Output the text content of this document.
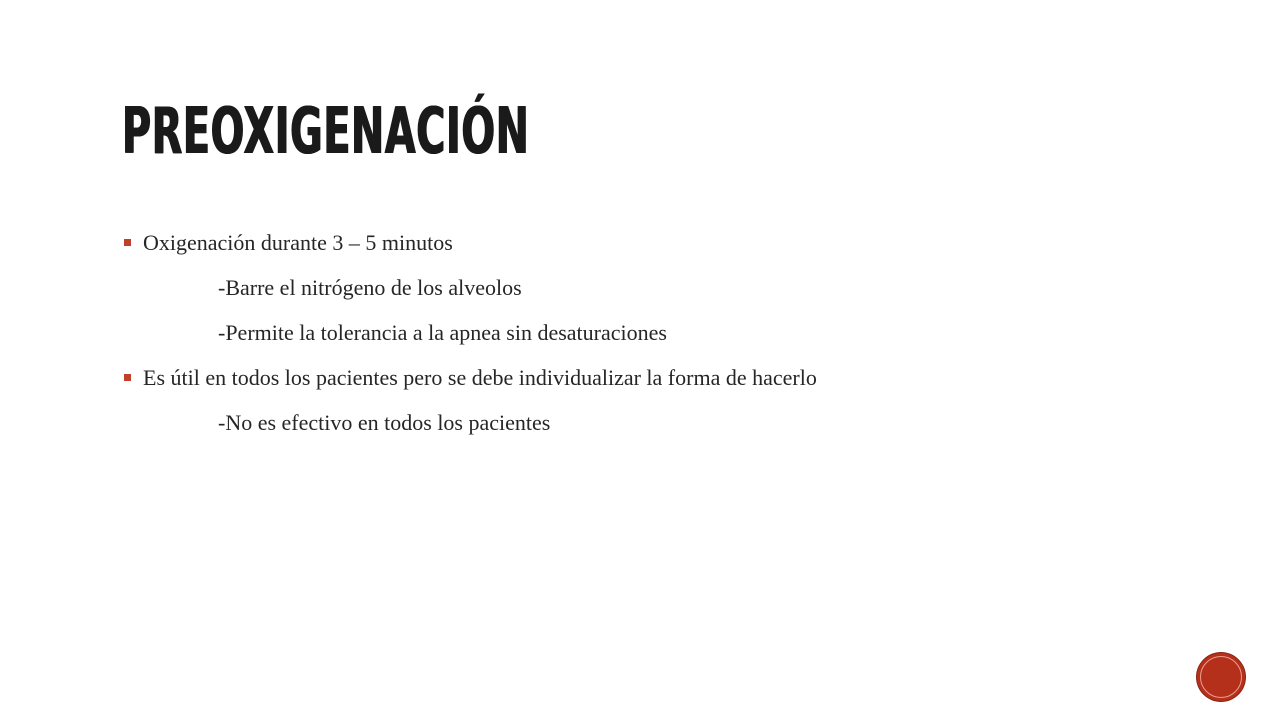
PREOXIGENACIÓN
Oxigenación durante 3 – 5 minutos
-Barre el nitrógeno de los alveolos
-Permite la tolerancia a la apnea sin desaturaciones
Es útil en todos los pacientes pero se debe individualizar la forma de hacerlo
-No es efectivo en todos los pacientes
